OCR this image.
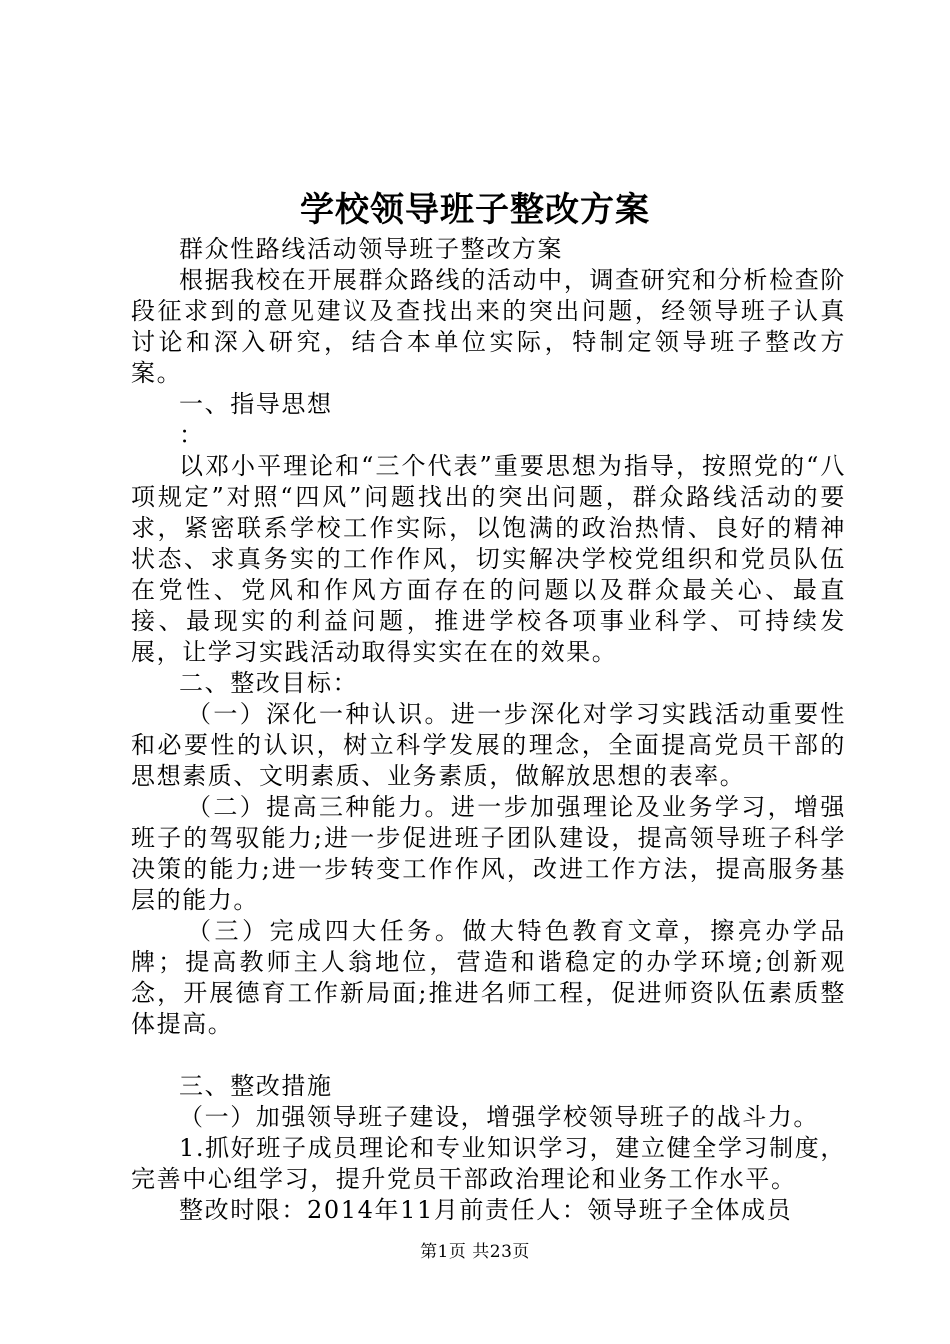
学校领导班子整改方案

群众性路线活动领导班子整改方案

根据我校在开展群众路线的活动中，调查研究和分析检查阶段征求到的意见建议及查找出来的突出问题，经领导班子认真讨论和深入研究，结合本单位实际，特制定领导班子整改方案。

一、指导思想

：

以邓小平理论和“三个代表”重要思想为指导，按照党的“八项规定”对照“四风”问题找出的突出问题，群众路线活动的要求，紧密联系学校工作实际，以饱满的政治热情、良好的精神状态、求真务实的工作作风，切实解决学校党组织和党员队伍在党性、党风和作风方面存在的问题以及群众最关心、最直接、最现实的利益问题，推进学校各项事业科学、可持续发展，让学习实践活动取得实实在在的效果。

二、整改目标：

（一）深化一种认识。进一步深化对学习实践活动重要性和必要性的认识，树立科学发展的理念，全面提高党员干部的思想素质、文明素质、业务素质，做解放思想的表率。

（二）提高三种能力。进一步加强理论及业务学习，增强班子的驾驭能力;进一步促进班子团队建设，提高领导班子科学决策的能力;进一步转变工作作风，改进工作方法，提高服务基层的能力。

（三）完成四大任务。做大特色教育文章，擦亮办学品牌；提高教师主人翁地位，营造和谐稳定的办学环境;创新观念，开展德育工作新局面;推进名师工程，促进师资队伍素质整体提高。

三、整改措施

（一）加强领导班子建设，增强学校领导班子的战斗力。

1.抓好班子成员理论和专业知识学习，建立健全学习制度，完善中心组学习，提升党员干部政治理论和业务工作水平。

整改时限：2014年11月前责任人：领导班子全体成员

第1页 共23页
